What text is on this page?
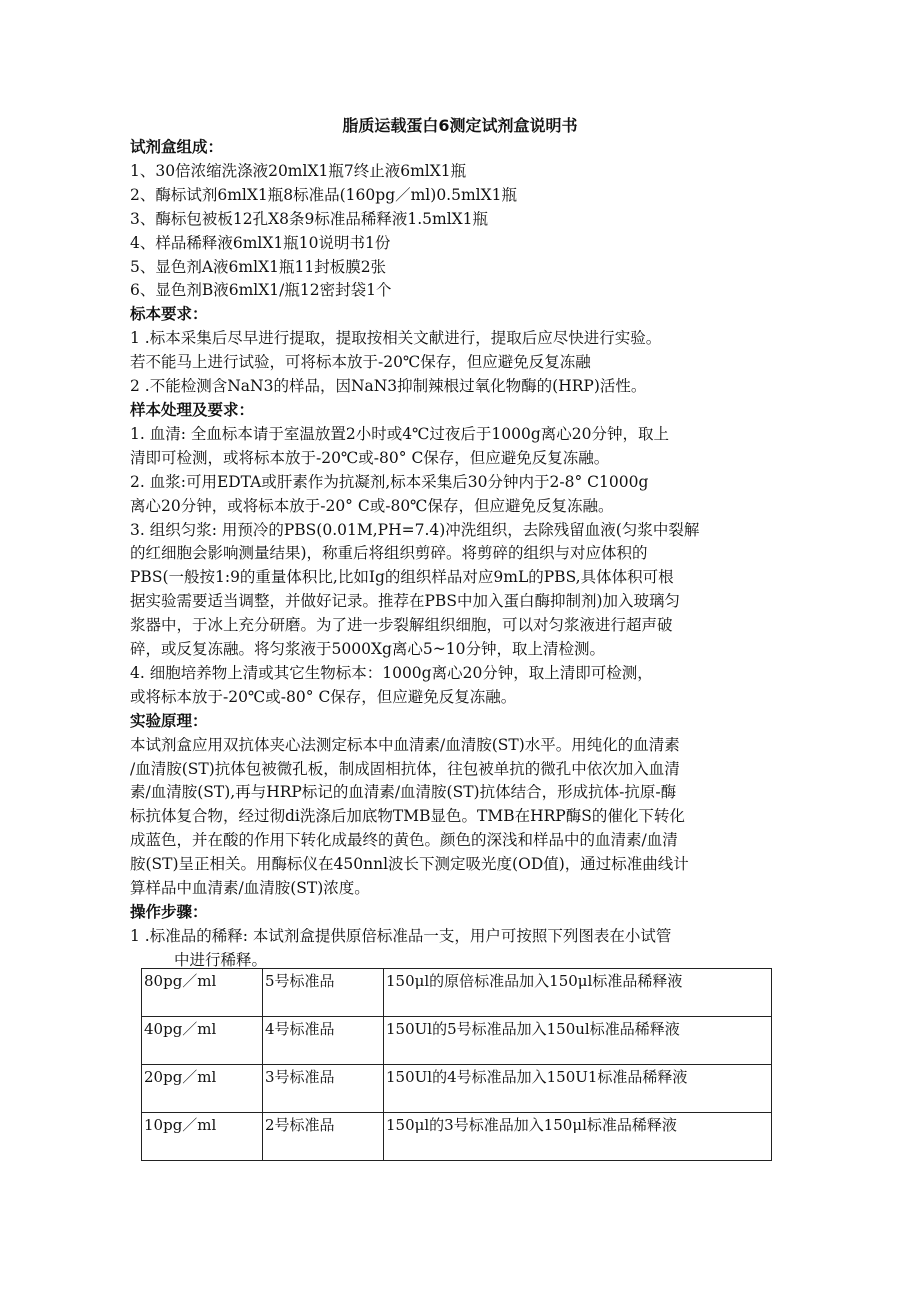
脂质运载蛋白6测定试剂盒说明书

试剂盒组成：

1、30倍浓缩洗涤液20mlX1瓶7终止液6mlX1瓶

2、酶标试剂6mlX1瓶8标准品(160pg／ml)0.5mlX1瓶

3、酶标包被板12孔X8条9标准品稀释液1.5mlX1瓶

4、样品稀释液6mlX1瓶10说明书1份

5、显色剂A液6mlX1瓶11封板膜2张

6、显色剂B液6mlX1/瓶12密封袋1个

标本要求：

1 .标本采集后尽早进行提取，提取按相关文献进行，提取后应尽快进行实验。

若不能马上进行试验，可将标本放于-20℃保存，但应避免反复冻融

2 .不能检测含NaN3的样品，因NaN3抑制辣根过氧化物酶的(HRP)活性。

样本处理及要求：

1. 血清: 全血标本请于室温放置2小时或4℃过夜后于1000g离心20分钟，取上

清即可检测，或将标本放于-20℃或-80° C保存，但应避免反复冻融。

2. 血浆:可用EDTA或肝素作为抗凝剂,标本采集后30分钟内于2-8° C1000g

离心20分钟，或将标本放于-20° C或-80℃保存，但应避免反复冻融。

3. 组织匀浆: 用预冷的PBS(0.01M,PH=7.4)冲洗组织，去除残留血液(匀浆中裂解

的红细胞会影响测量结果)，称重后将组织剪碎。将剪碎的组织与对应体积的

PBS(一般按1:9的重量体积比,比如Ig的组织样品对应9mL的PBS,具体体积可根

据实验需要适当调整，并做好记录。推荐在PBS中加入蛋白酶抑制剂)加入玻璃匀

浆器中，于冰上充分研磨。为了进一步裂解组织细胞，可以对匀浆液进行超声破

碎，或反复冻融。将匀浆液于5000Xg离心5~10分钟，取上清检测。

4. 细胞培养物上清或其它生物标本：1000g离心20分钟，取上清即可检测，

或将标本放于-20℃或-80° C保存，但应避免反复冻融。

实验原理：

本试剂盒应用双抗体夹心法测定标本中血清素/血清胺(ST)水平。用纯化的血清素

/血清胺(ST)抗体包被微孔板，制成固相抗体，往包被单抗的微孔中依次加入血清

素/血清胺(ST),再与HRP标记的血清素/血清胺(ST)抗体结合，形成抗体-抗原-酶

标抗体复合物，经过彻di洗涤后加底物TMB显色。TMB在HRP酶S的催化下转化

成蓝色，并在酸的作用下转化成最终的黄色。颜色的深浅和样品中的血清素/血清

胺(ST)呈正相关。用酶标仪在450nnl波长下测定吸光度(OD值)，通过标准曲线计

算样品中血清素/血清胺(ST)浓度。

操作步骤：

1 .标准品的稀释: 本试剂盒提供原倍标准品一支，用户可按照下列图表在小试管

中进行稀释。

80pg／ml	5号标准品	150μl的原倍标准品加入150μl标准品稀释液
40pg／ml	4号标准品	150Ul的5号标准品加入150ul标准品稀释液
20pg／ml	3号标准品	150Ul的4号标准品加入150U1标准品稀释液
10pg／ml	2号标准品	150μl的3号标准品加入150μl标准品稀释液
